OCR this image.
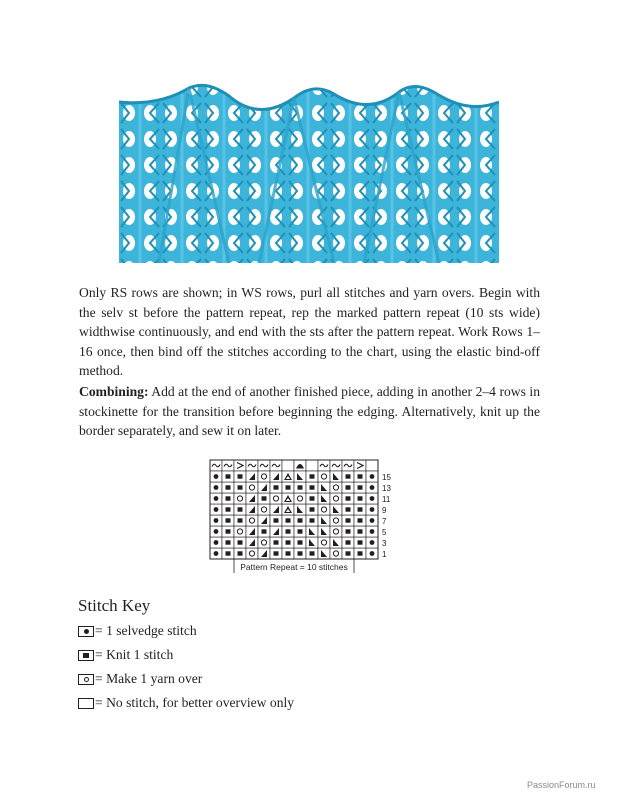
Only RS rows are shown; in WS rows, purl all stitches and yarn overs. Begin with the selv st before the pattern repeat, rep the marked pattern repeat (10 sts wide) widthwise continuously, and end with the sts after the pattern repeat. Work Rows 1–16 once, then bind off the stitches according to the chart, using the elastic bind-off method.

Combining: Add at the end of another finished piece, adding in another 2–4 rows in stockinette for the transition before beginning the edging. Alternatively, knit up the border separately, and sew it on later.

1
3
5
7
9
11
13
15
Pattern Repeat = 10 stitches
Stitch Key
= 1 selvedge stitch
= Knit 1 stitch
= Make 1 yarn over
= No stitch, for better overview only
PassionForum.ru
